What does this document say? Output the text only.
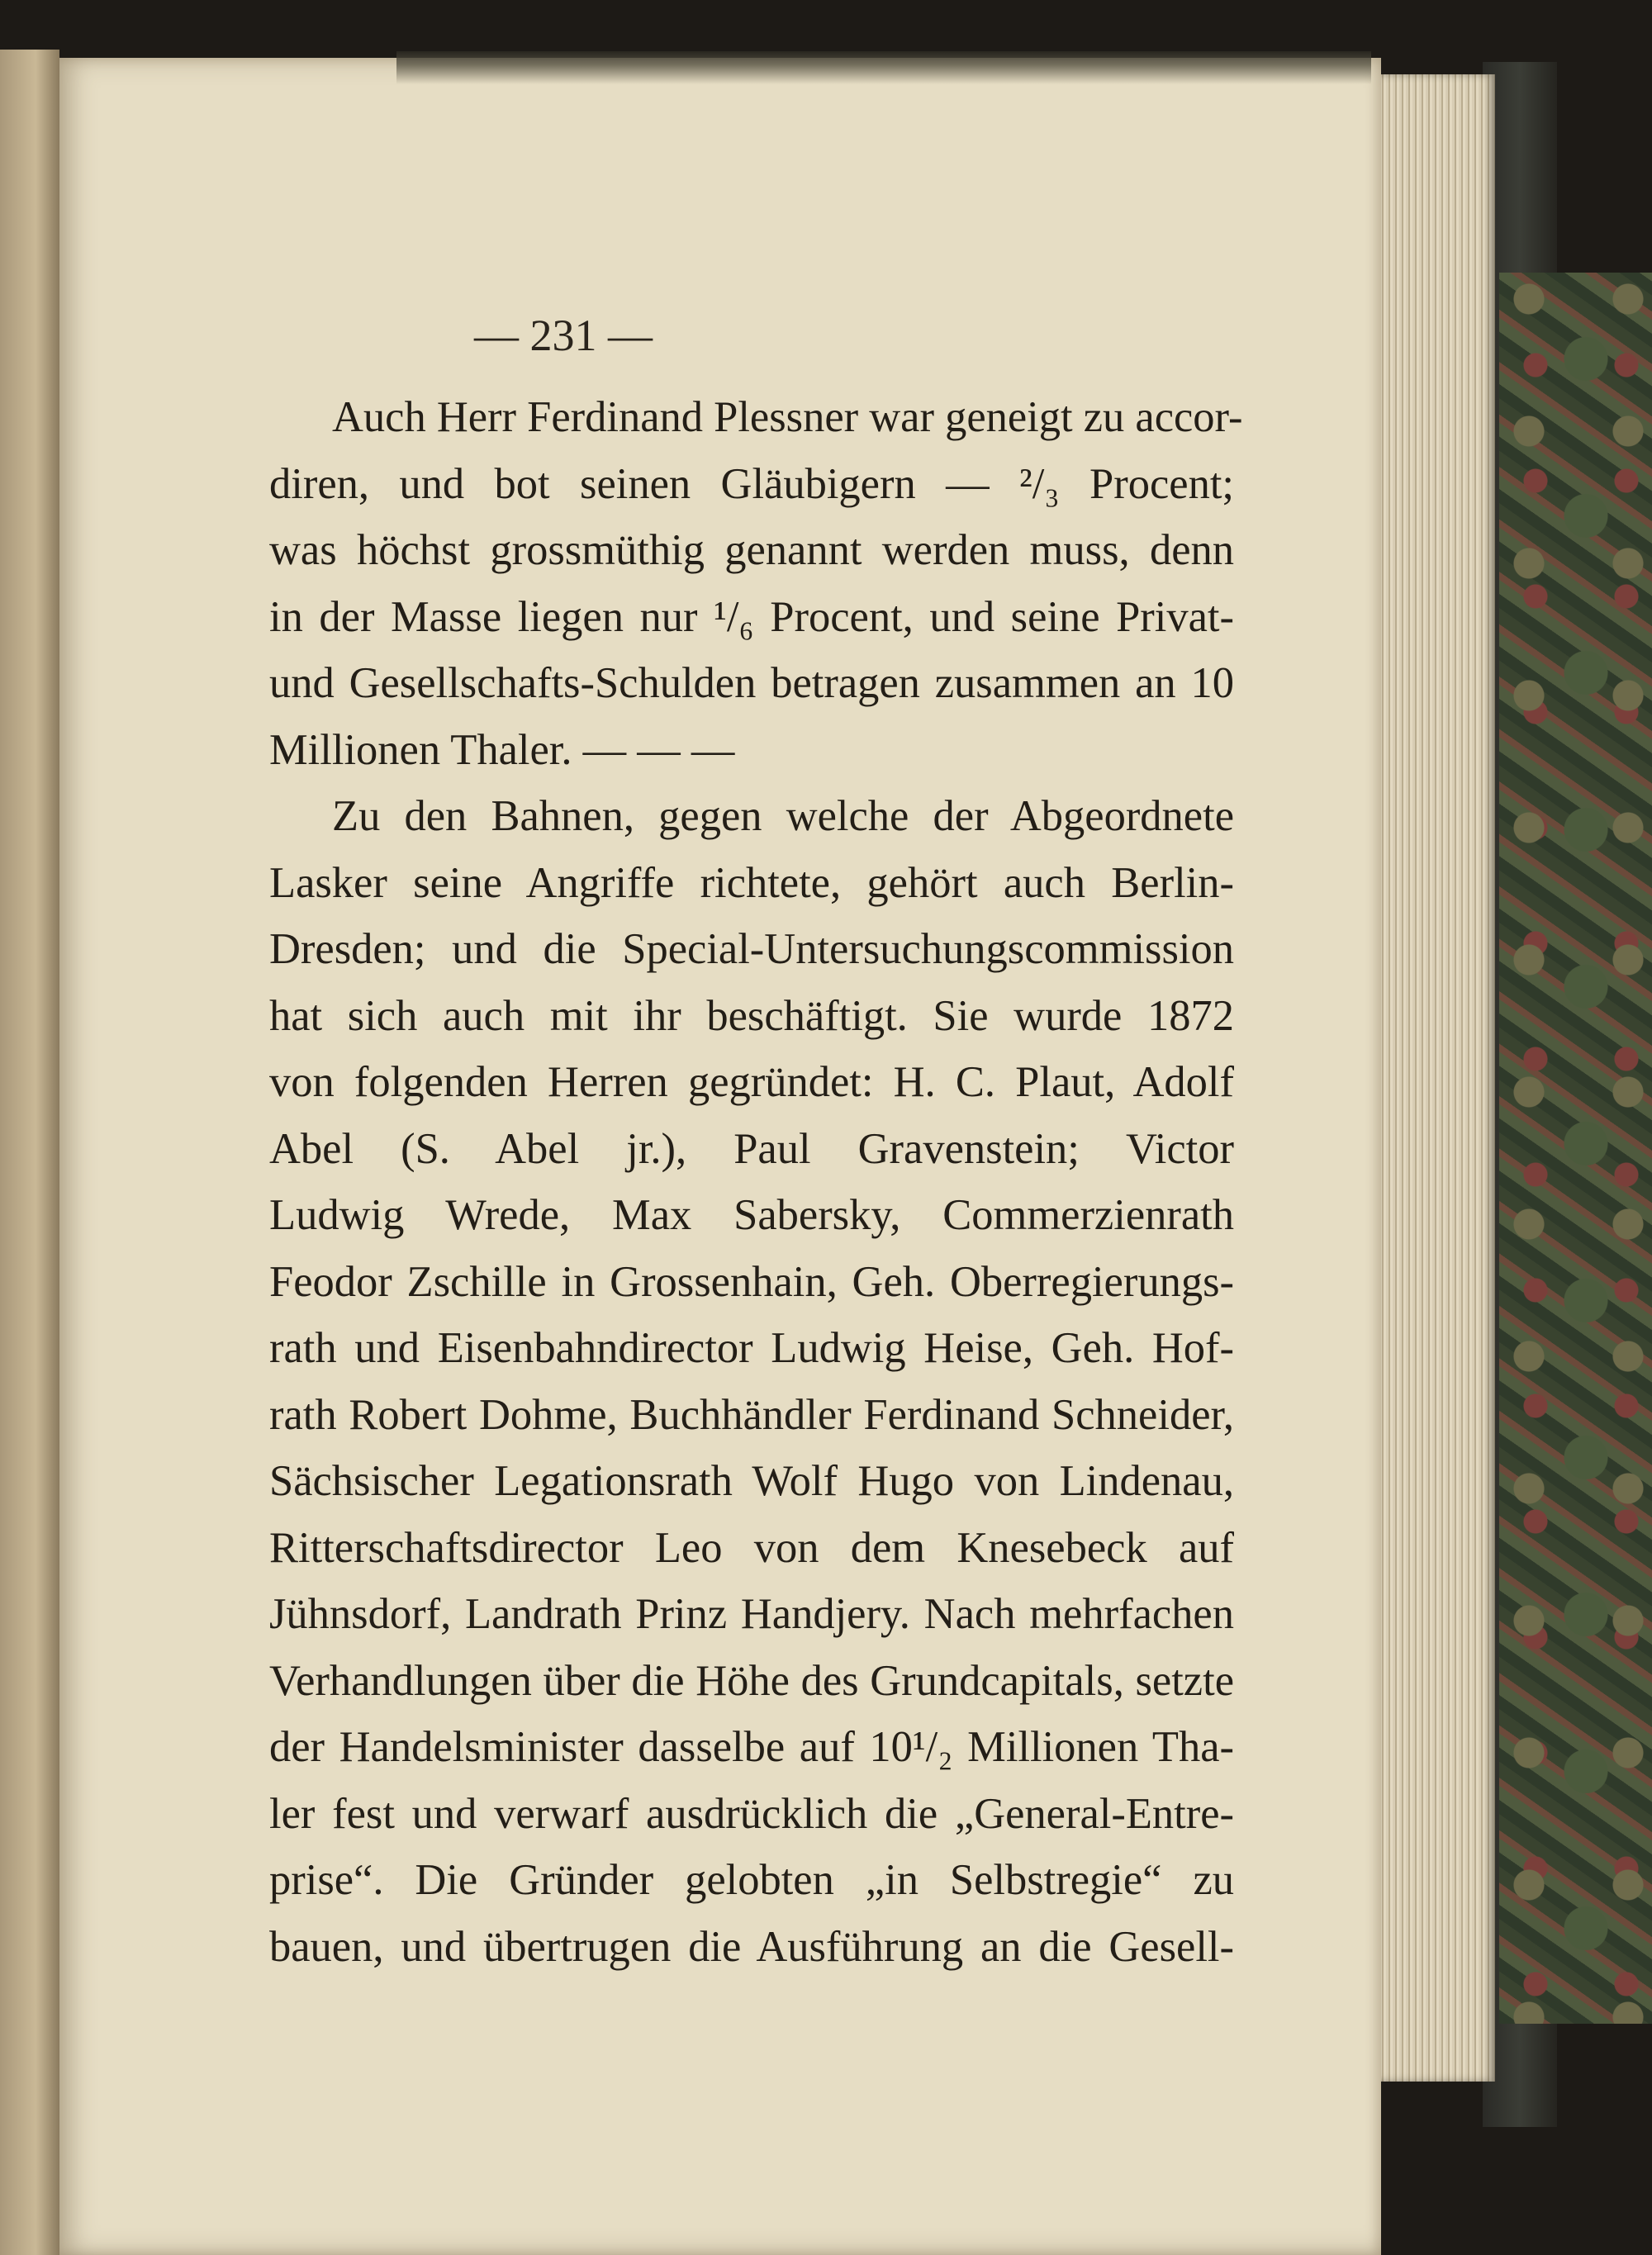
— 231 —
Auch Herr Ferdinand Plessner war geneigt zu accor-
diren, und bot seinen Gläubigern — ²/₃ Procent;
was höchst grossmüthig genannt werden muss, denn
in der Masse liegen nur ¹/₆ Procent, und seine Privat-
und Gesellschafts-Schulden betragen zusammen an 10
Millionen Thaler. — — —
Zu den Bahnen, gegen welche der Abgeordnete
Lasker seine Angriffe richtete, gehört auch Berlin-
Dresden; und die Special-Untersuchungscommission
hat sich auch mit ihr beschäftigt. Sie wurde 1872
von folgenden Herren gegründet: H. C. Plaut, Adolf
Abel (S. Abel jr.), Paul Gravenstein; Victor
Ludwig Wrede, Max Sabersky, Commerzienrath
Feodor Zschille in Grossenhain, Geh. Oberregierungs-
rath und Eisenbahndirector Ludwig Heise, Geh. Hof-
rath Robert Dohme, Buchhändler Ferdinand Schneider,
Sächsischer Legationsrath Wolf Hugo von Lindenau,
Ritterschaftsdirector Leo von dem Knesebeck auf
Jühnsdorf, Landrath Prinz Handjery. Nach mehrfachen
Verhandlungen über die Höhe des Grundcapitals, setzte
der Handelsminister dasselbe auf 10¹/₂ Millionen Tha-
ler fest und verwarf ausdrücklich die „General-Entre-
prise“. Die Gründer gelobten „in Selbstregie“ zu
bauen, und übertrugen die Ausführung an die Gesell-
